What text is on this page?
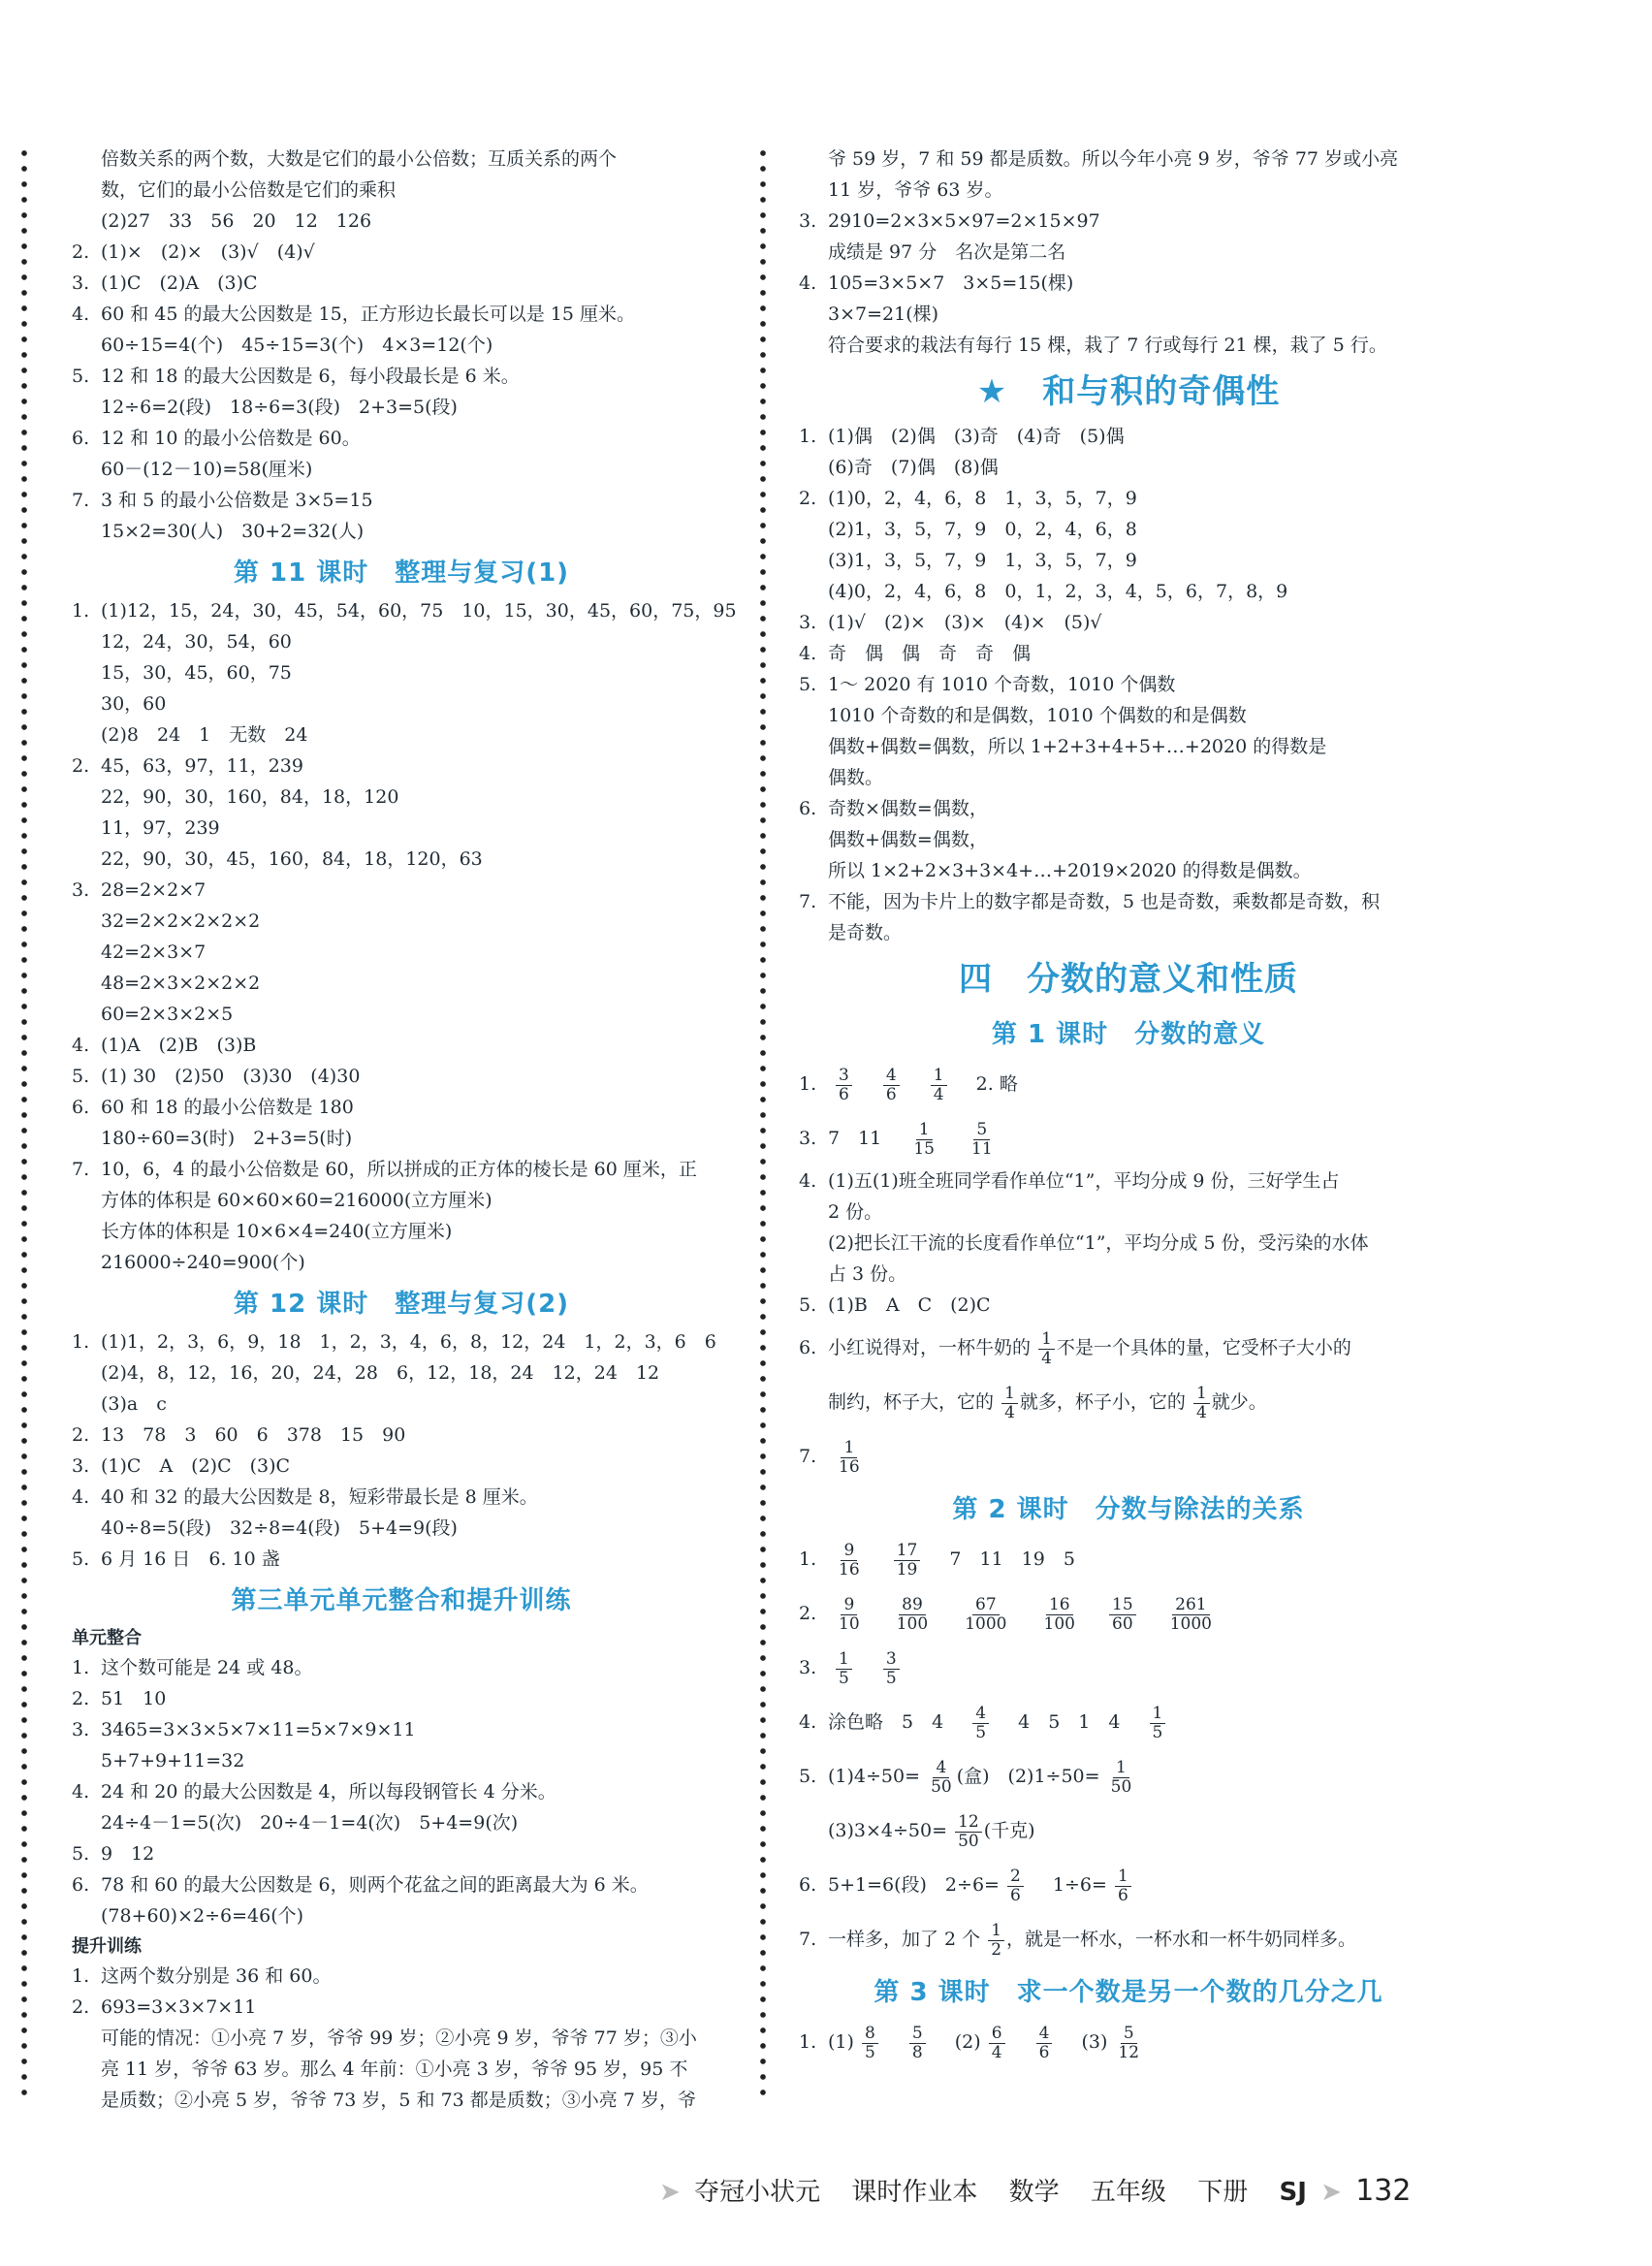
倍数关系的两个数，大数是它们的最小公倍数；互质关系的两个
数，它们的最小公倍数是它们的乘积
(2)27　33　56　20　12　126
2. (1)×　(2)×　(3)√　(4)√
3. (1)C　(2)A　(3)C
4. 60 和 45 的最大公因数是 15，正方形边长最长可以是 15 厘米。
60÷15=4(个)　45÷15=3(个)　4×3=12(个)
5. 12 和 18 的最大公因数是 6，每小段最长是 6 米。
12÷6=2(段)　18÷6=3(段)　2+3=5(段)
6. 12 和 10 的最小公倍数是 60。
60－(12－10)=58(厘米)
7. 3 和 5 的最小公倍数是 3×5=15
15×2=30(人)　30+2=32(人)
第 11 课时　整理与复习(1)
1. (1)12，15，24，30，45，54，60，75　10，15，30，45，60，75，95
12，24，30，54，60
15，30，45，60，75
30，60
(2)8　24　1　无数　24
2. 45，63，97，11，239
22，90，30，160，84，18，120
11，97，239
22，90，30，45，160，84，18，120，63
3. 28=2×2×7
32=2×2×2×2×2
42=2×3×7
48=2×3×2×2×2
60=2×3×2×5
4. (1)A　(2)B　(3)B
5. (1) 30　(2)50　(3)30　(4)30
6. 60 和 18 的最小公倍数是 180
180÷60=3(时)　2+3=5(时)
7. 10，6，4 的最小公倍数是 60，所以拼成的正方体的棱长是 60 厘米，正
方体的体积是 60×60×60=216000(立方厘米)
长方体的体积是 10×6×4=240(立方厘米)
216000÷240=900(个)
第 12 课时　整理与复习(2)
1. (1)1，2，3，6，9，18　1，2，3，4，6，8，12，24　1，2，3，6　6
(2)4，8，12，16，20，24，28　6，12，18，24　12，24　12
(3)a　c
2. 13　78　3　60　6　378　15　90
3. (1)C　A　(2)C　(3)C
4. 40 和 32 的最大公因数是 8，短彩带最长是 8 厘米。
40÷8=5(段)　32÷8=4(段)　5+4=9(段)
5. 6 月 16 日　6. 10 盏
第三单元单元整合和提升训练
单元整合
1. 这个数可能是 24 或 48。
2. 51　10
3. 3465=3×3×5×7×11=5×7×9×11
5+7+9+11=32
4. 24 和 20 的最大公因数是 4，所以每段钢管长 4 分米。
24÷4－1=5(次)　20÷4－1=4(次)　5+4=9(次)
5. 9　12
6. 78 和 60 的最大公因数是 6，则两个花盆之间的距离最大为 6 米。
(78+60)×2÷6=46(个)
提升训练
1. 这两个数分别是 36 和 60。
2. 693=3×3×7×11
可能的情况：①小亮 7 岁，爷爷 99 岁；②小亮 9 岁，爷爷 77 岁；③小
亮 11 岁，爷爷 63 岁。那么 4 年前：①小亮 3 岁，爷爷 95 岁，95 不
是质数；②小亮 5 岁，爷爷 73 岁，5 和 73 都是质数；③小亮 7 岁，爷
爷 59 岁，7 和 59 都是质数。所以今年小亮 9 岁，爷爷 77 岁或小亮
11 岁，爷爷 63 岁。
3. 2910=2×3×5×97=2×15×97
成绩是 97 分　名次是第二名
4. 105=3×5×7　3×5=15(棵)
3×7=21(棵)
符合要求的栽法有每行 15 棵，栽了 7 行或每行 21 棵，栽了 5 行。
★ 和与积的奇偶性
1. (1)偶　(2)偶　(3)奇　(4)奇　(5)偶
(6)奇　(7)偶　(8)偶
2. (1)0，2，4，6，8　1，3，5，7，9
(2)1，3，5，7，9　0，2，4，6，8
(3)1，3，5，7，9　1，3，5，7，9
(4)0，2，4，6，8　0，1，2，3，4，5，6，7，8，9
3. (1)√　(2)×　(3)×　(4)×　(5)√
4. 奇　偶　偶　奇　奇　偶
5. 1～ 2020 有 1010 个奇数，1010 个偶数
1010 个奇数的和是偶数，1010 个偶数的和是偶数
偶数+偶数=偶数，所以 1+2+3+4+5+…+2020 的得数是
偶数。
6. 奇数×偶数=偶数，
偶数+偶数=偶数，
所以 1×2+2×3+3×4+…+2019×2020 的得数是偶数。
7. 不能，因为卡片上的数字都是奇数，5 也是奇数，乘数都是奇数，积
是奇数。
四　分数的意义和性质
第 1 课时　分数的意义
1. $\frac{3}{6}$
$\frac{4}{6}$
$\frac{1}{4} 2$. 略
3. 7　$11 \frac{1}{15}$
$\frac{5}{11}$
4. (1)五(1)班全班同学看作单位“1”，平均分成 9 份，三好学生占
2 份。
(2)把长江干流的长度看作单位“1”，平均分成 5 份，受污染的水体
占 3 份。
5. (1)B　A　C　(2)C
6. 小红说得对，一杯牛奶的 $\frac{1}{4}$ 不是一个具体的量，它受杯子大小的
制约，杯子大，它的 $\frac{1}{4}$ 就多，杯子小，它的 $\frac{1}{4}$ 就少。
7. $\frac{1}{16}$
第 2 课时　分数与除法的关系
1. $\frac{9}{16}$
$\frac{17}{19} 7$　11　19　5
2. $\frac{9}{10}$
$\frac{89}{100}$
$\frac{67}{1000}$
$\frac{16}{100}$
$\frac{15}{60}$
$\frac{261}{1000}$
3. $\frac{1}{5}$
$\frac{3}{5}$
4. 涂色略　5　$4 \frac{4}{5} 4$　5　1　$4 \frac{1}{5}$
5. $(1)4\div 50= \frac{4}{50}$ (盒)　$(2)1\div 50= \frac{1}{50}$
$(3)3\times 4\div 50= \frac{12}{50}$ (千克)
6. 5+1=6(段)　$2\div 6= \frac{2}{6} 1\div 6= \frac{1}{6}$
7. 一样多，加了 2 个 $\frac{1}{2}$ ，就是一杯水，一杯水和一杯牛奶同样多。
第 3 课时　求一个数是另一个数的几分之几
1. $(1) \frac{8}{5}$
$\frac{5}{8} (2) \frac{6}{4}$
$\frac{4}{6} (3) \frac{5}{12}$
➤ 夺冠小状元 课时作业本 数学 五年级 下册 SJ ➤ 132
